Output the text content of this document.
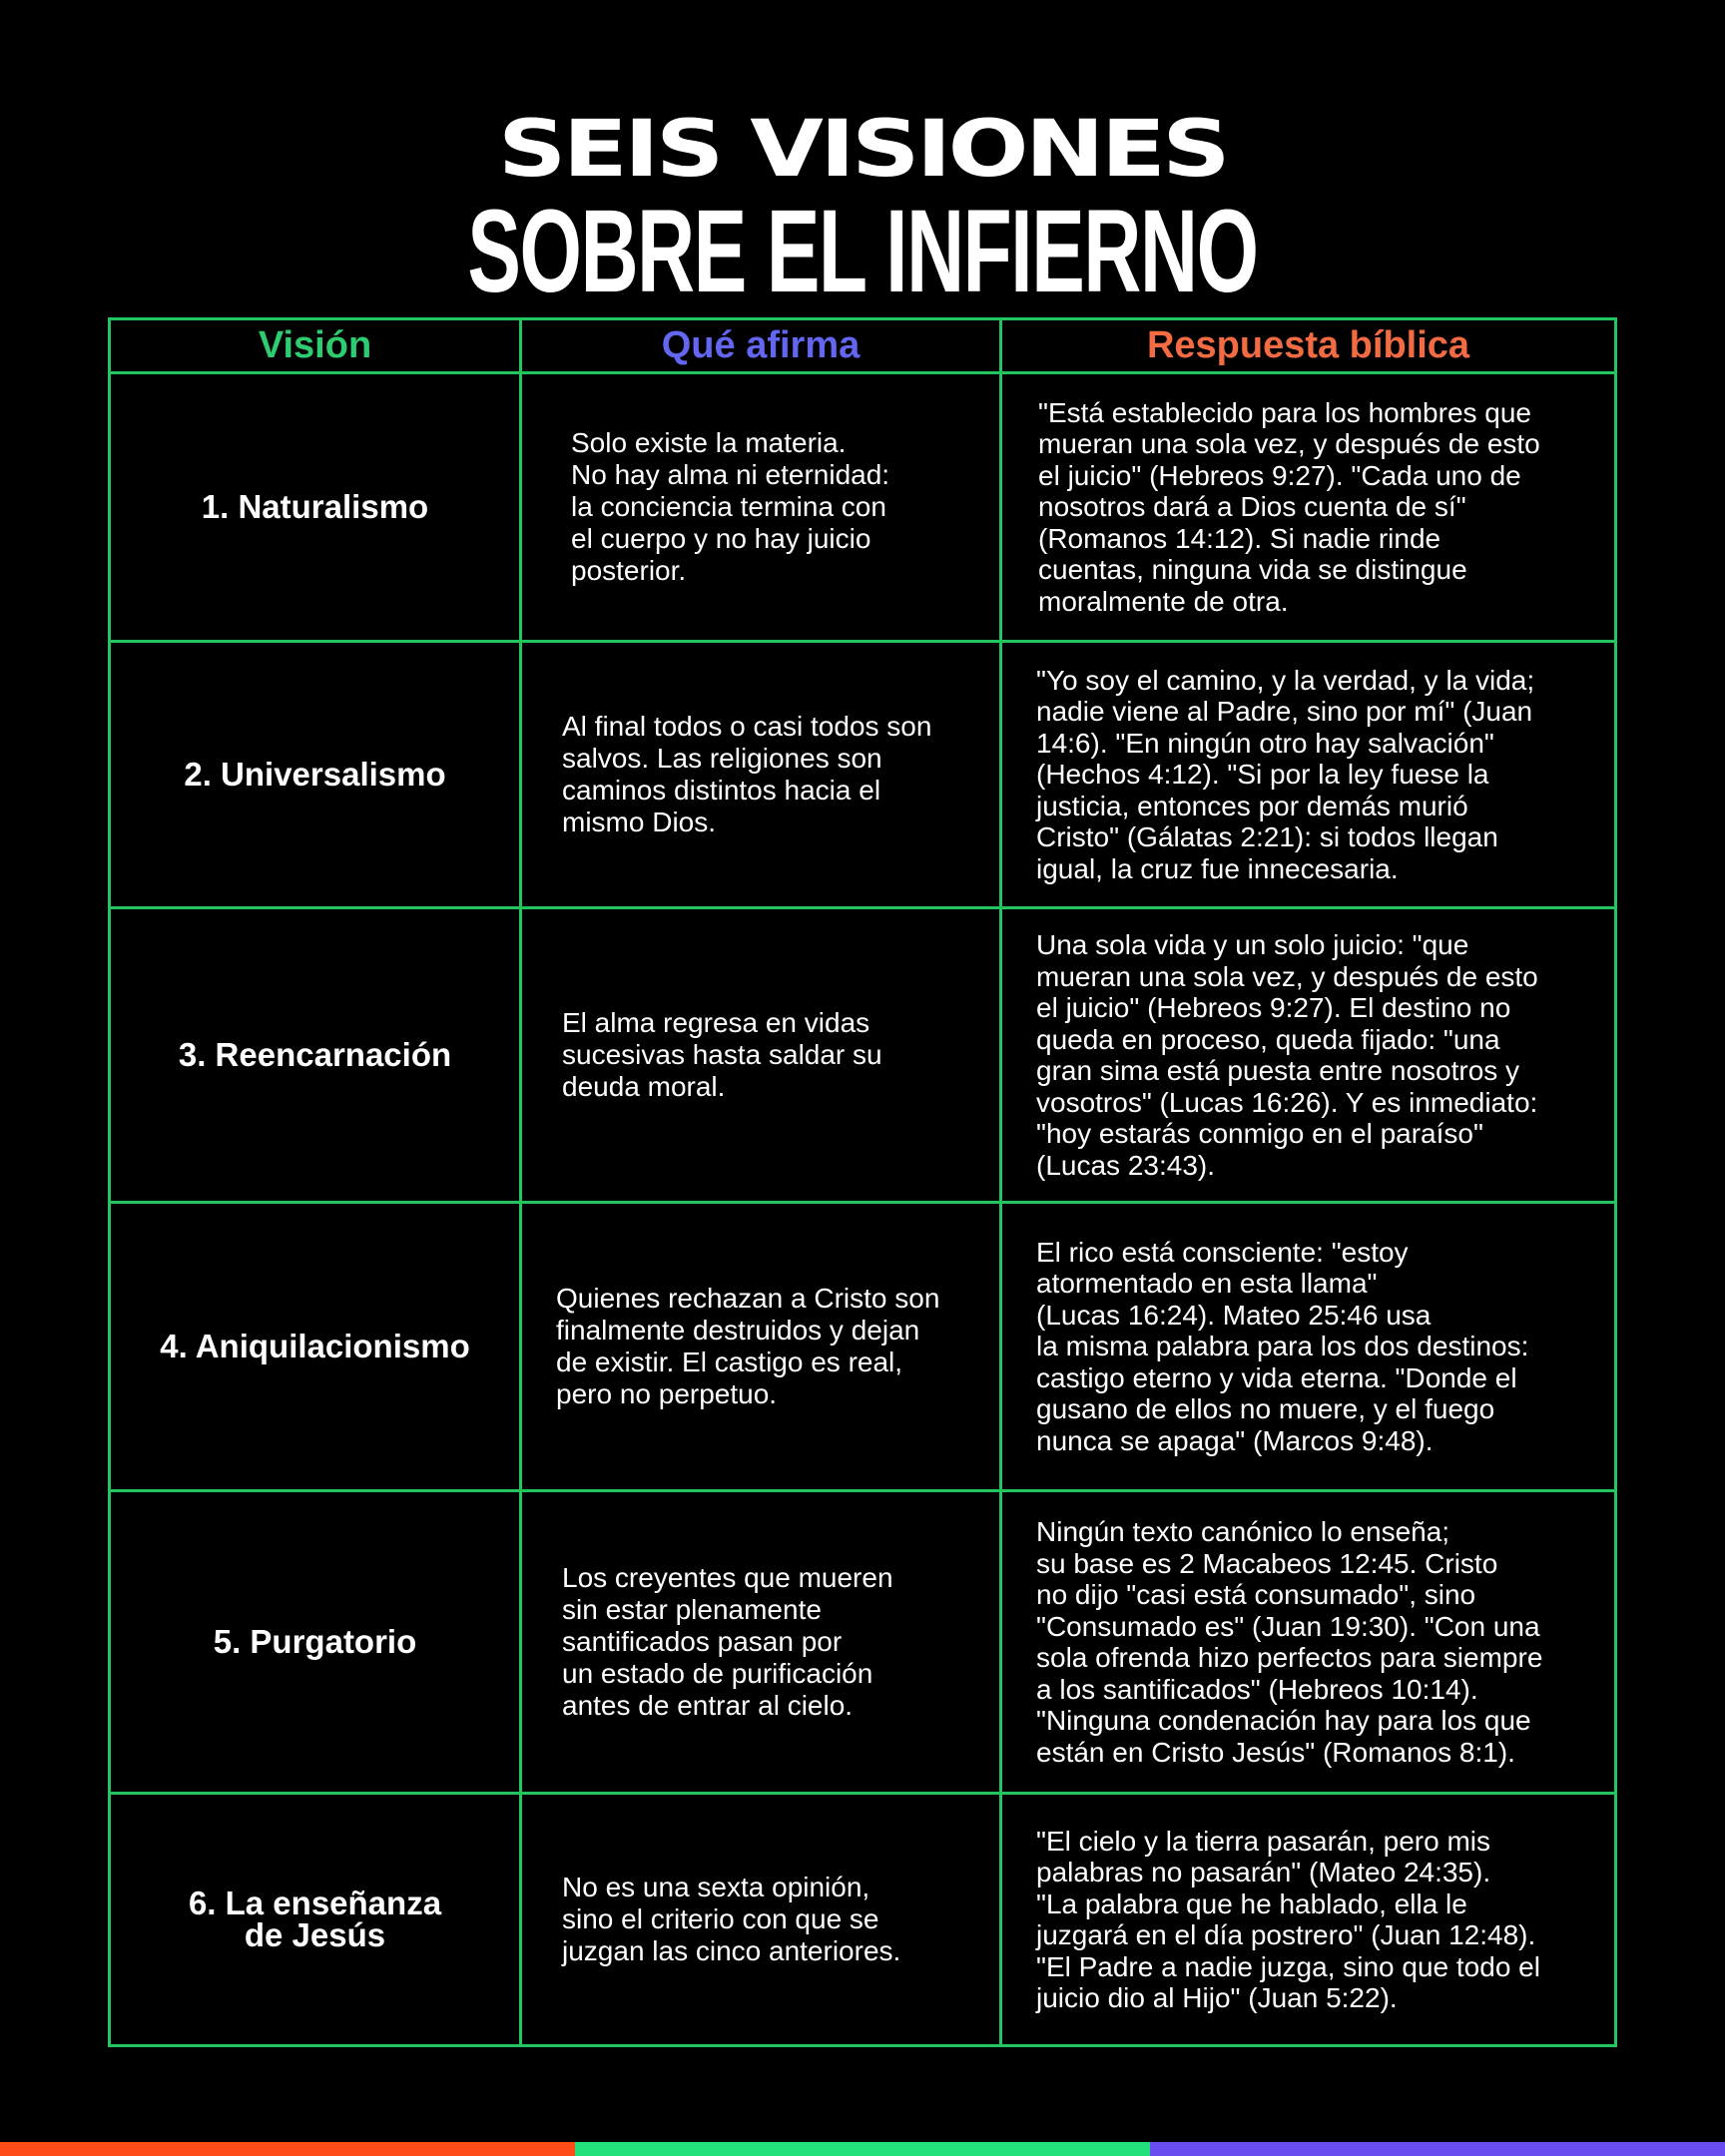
SEIS VISIONES
SOBRE EL INFIERNO
Visión	Qué afirma	Respuesta bíblica
1. Naturalismo
Solo existe la materia.
No hay alma ni eternidad:
la conciencia termina con
el cuerpo y no hay juicio
posterior.
"Está establecido para los hombres que
mueran una sola vez, y después de esto
el juicio" (Hebreos 9:27). "Cada uno de
nosotros dará a Dios cuenta de sí"
(Romanos 14:12). Si nadie rinde
cuentas, ninguna vida se distingue
moralmente de otra.
2. Universalismo
Al final todos o casi todos son
salvos. Las religiones son
caminos distintos hacia el
mismo Dios.
"Yo soy el camino, y la verdad, y la vida;
nadie viene al Padre, sino por mí" (Juan
14:6). "En ningún otro hay salvación"
(Hechos 4:12). "Si por la ley fuese la
justicia, entonces por demás murió
Cristo" (Gálatas 2:21): si todos llegan
igual, la cruz fue innecesaria.
3. Reencarnación
El alma regresa en vidas
sucesivas hasta saldar su
deuda moral.
Una sola vida y un solo juicio: "que
mueran una sola vez, y después de esto
el juicio" (Hebreos 9:27). El destino no
queda en proceso, queda fijado: "una
gran sima está puesta entre nosotros y
vosotros" (Lucas 16:26). Y es inmediato:
"hoy estarás conmigo en el paraíso"
(Lucas 23:43).
4. Aniquilacionismo
Quienes rechazan a Cristo son
finalmente destruidos y dejan
de existir. El castigo es real,
pero no perpetuo.
El rico está consciente: "estoy
atormentado en esta llama"
(Lucas 16:24). Mateo 25:46 usa
la misma palabra para los dos destinos:
castigo eterno y vida eterna. "Donde el
gusano de ellos no muere, y el fuego
nunca se apaga" (Marcos 9:48).
5. Purgatorio
Los creyentes que mueren
sin estar plenamente
santificados pasan por
un estado de purificación
antes de entrar al cielo.
Ningún texto canónico lo enseña;
su base es 2 Macabeos 12:45. Cristo
no dijo "casi está consumado", sino
"Consumado es" (Juan 19:30). "Con una
sola ofrenda hizo perfectos para siempre
a los santificados" (Hebreos 10:14).
"Ninguna condenación hay para los que
están en Cristo Jesús" (Romanos 8:1).
6. La enseñanza
de Jesús
No es una sexta opinión,
sino el criterio con que se
juzgan las cinco anteriores.
"El cielo y la tierra pasarán, pero mis
palabras no pasarán" (Mateo 24:35).
"La palabra que he hablado, ella le
juzgará en el día postrero" (Juan 12:48).
"El Padre a nadie juzga, sino que todo el
juicio dio al Hijo" (Juan 5:22).
